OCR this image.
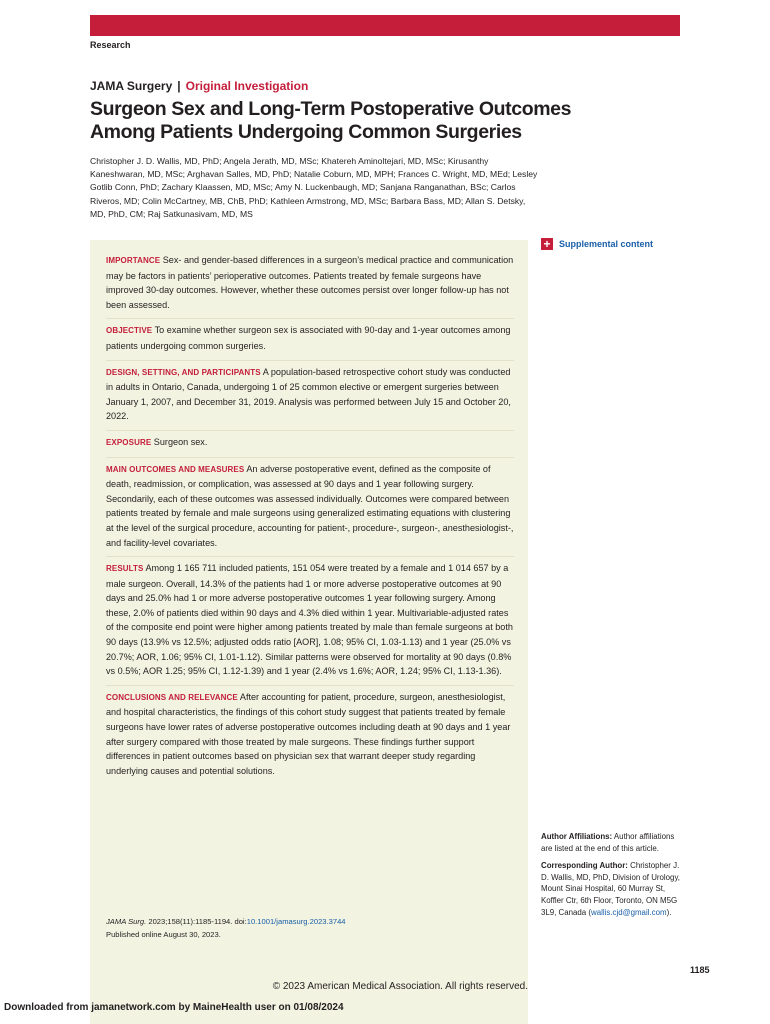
Research
JAMA Surgery | Original Investigation
Surgeon Sex and Long-Term Postoperative Outcomes Among Patients Undergoing Common Surgeries
Christopher J. D. Wallis, MD, PhD; Angela Jerath, MD, MSc; Khatereh Aminoltejari, MD, MSc; Kirusanthy Kaneshwaran, MD, MSc; Arghavan Salles, MD, PhD; Natalie Coburn, MD, MPH; Frances C. Wright, MD, MEd; Lesley Gotlib Conn, PhD; Zachary Klaassen, MD, MSc; Amy N. Luckenbaugh, MD; Sanjana Ranganathan, BSc; Carlos Riveros, MD; Colin McCartney, MB, ChB, PhD; Kathleen Armstrong, MD, MSc; Barbara Bass, MD; Allan S. Detsky, MD, PhD, CM; Raj Satkunasivam, MD, MS
+ Supplemental content
IMPORTANCE Sex- and gender-based differences in a surgeon’s medical practice and communication may be factors in patients’ perioperative outcomes. Patients treated by female surgeons have improved 30-day outcomes. However, whether these outcomes persist over longer follow-up has not been assessed.
OBJECTIVE To examine whether surgeon sex is associated with 90-day and 1-year outcomes among patients undergoing common surgeries.
DESIGN, SETTING, AND PARTICIPANTS A population-based retrospective cohort study was conducted in adults in Ontario, Canada, undergoing 1 of 25 common elective or emergent surgeries between January 1, 2007, and December 31, 2019. Analysis was performed between July 15 and October 20, 2022.
EXPOSURE Surgeon sex.
MAIN OUTCOMES AND MEASURES An adverse postoperative event, defined as the composite of death, readmission, or complication, was assessed at 90 days and 1 year following surgery. Secondarily, each of these outcomes was assessed individually. Outcomes were compared between patients treated by female and male surgeons using generalized estimating equations with clustering at the level of the surgical procedure, accounting for patient-, procedure-, surgeon-, anesthesiologist-, and facility-level covariates.
RESULTS Among 1 165 711 included patients, 151 054 were treated by a female and 1 014 657 by a male surgeon. Overall, 14.3% of the patients had 1 or more adverse postoperative outcomes at 90 days and 25.0% had 1 or more adverse postoperative outcomes 1 year following surgery. Among these, 2.0% of patients died within 90 days and 4.3% died within 1 year. Multivariable-adjusted rates of the composite end point were higher among patients treated by male than female surgeons at both 90 days (13.9% vs 12.5%; adjusted odds ratio [AOR], 1.08; 95% CI, 1.03-1.13) and 1 year (25.0% vs 20.7%; AOR, 1.06; 95% CI, 1.01-1.12). Similar patterns were observed for mortality at 90 days (0.8% vs 0.5%; AOR 1.25; 95% CI, 1.12-1.39) and 1 year (2.4% vs 1.6%; AOR, 1.24; 95% CI, 1.13-1.36).
CONCLUSIONS AND RELEVANCE After accounting for patient, procedure, surgeon, anesthesiologist, and hospital characteristics, the findings of this cohort study suggest that patients treated by female surgeons have lower rates of adverse postoperative outcomes including death at 90 days and 1 year after surgery compared with those treated by male surgeons. These findings further support differences in patient outcomes based on physician sex that warrant deeper study regarding underlying causes and potential solutions.
JAMA Surg. 2023;158(11):1185-1194. doi:10.1001/jamasurg.2023.3744
Published online August 30, 2023.
© 2023 American Medical Association. All rights reserved.

Author Affiliations: Author affiliations are listed at the end of this article.

Corresponding Author: Christopher J. D. Wallis, MD, PhD, Division of Urology, Mount Sinai Hospital, 60 Murray St, Koffler Ctr, 6th Floor, Toronto, ON M5G 3L9, Canada (wallis.cjd@gmail.com).

1185
Downloaded from jamanetwork.com by MaineHealth user on 01/08/2024
